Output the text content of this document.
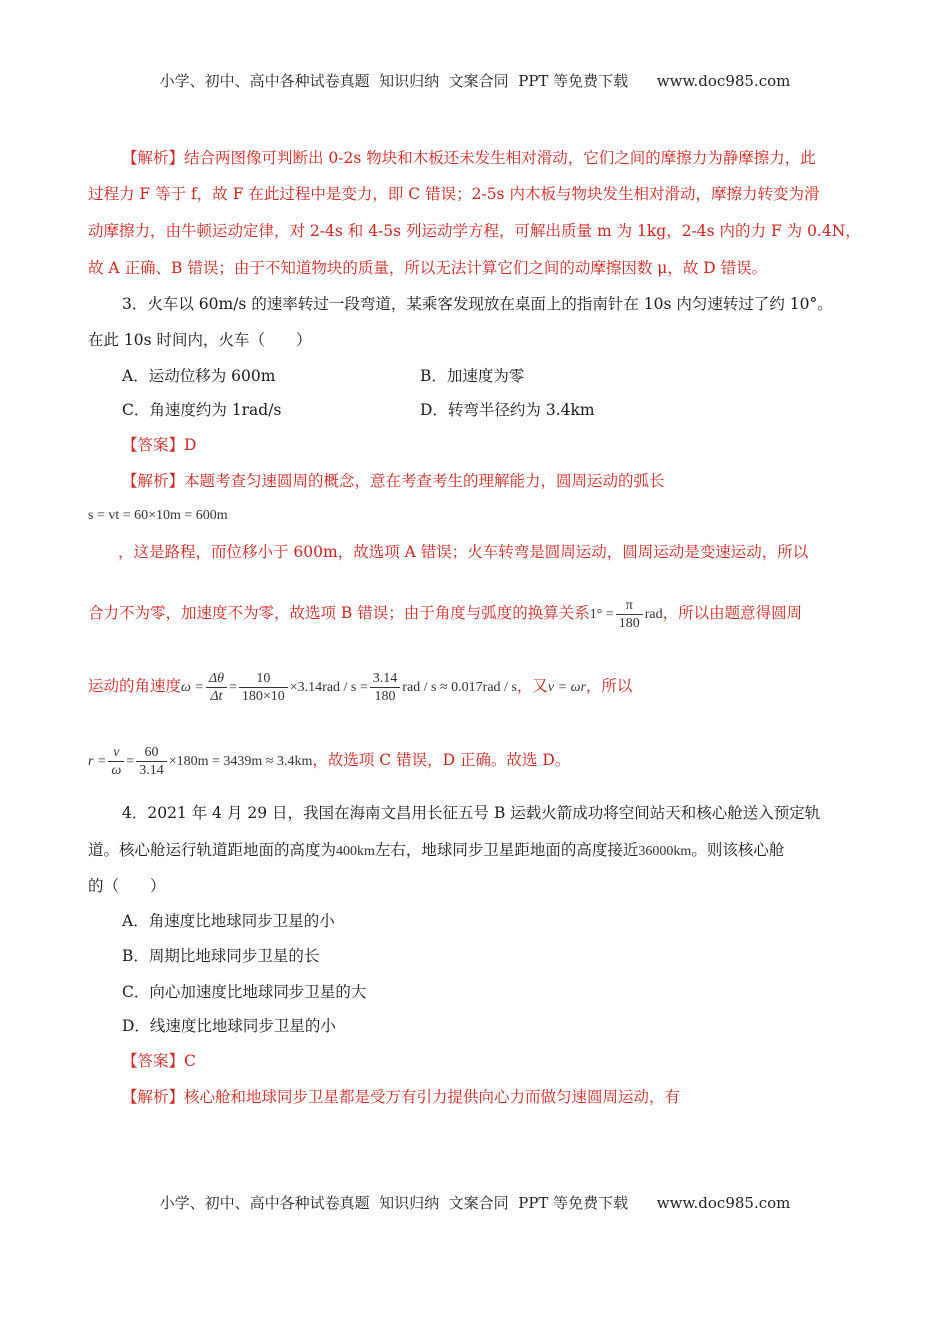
小学、初中、高中各种试卷真题  知识归纳  文案合同  PPT 等免费下载      www.doc985.com
【解析】结合两图像可判断出 0-2s 物块和木板还未发生相对滑动，它们之间的摩擦力为静摩擦力，此
过程力 F 等于 f，故 F 在此过程中是变力，即 C 错误；2-5s 内木板与物块发生相对滑动，摩擦力转变为滑
动摩擦力，由牛顿运动定律，对 2-4s 和 4-5s 列运动学方程，可解出质量 m 为 1kg，2-4s 内的力 F 为 0.4N，
故 A 正确、B 错误；由于不知道物块的质量，所以无法计算它们之间的动摩擦因数 μ，故 D 错误。
3．火车以 60m/s 的速率转过一段弯道，某乘客发现放在桌面上的指南针在 10s 内匀速转过了约 10°。
在此 10s 时间内，火车（　　）
A．运动位移为 600m	B．加速度为零
C．角速度约为 1rad/s	D．转弯半径约为 3.4km
【答案】D
【解析】本题考查匀速圆周的概念，意在考查考生的理解能力，圆周运动的弧长
s = vt = 60×10m = 600m
，这是路程，而位移小于 600m，故选项 A 错误；火车转弯是圆周运动，圆周运动是变速运动，所以
合力不为零，加速度不为零，故选项 B 错误；由于角度与弧度的换算关系$1^\circ = \frac{\pi}{180}$ rad，所以由题意得圆周
运动的角速度$\omega = \frac{\Delta\theta}{\Delta t} = \frac{10}{180\times 10} \times 3.14rad / s = \frac{3.14}{180}$ rad / s ≈ 0.017rad / s，又v = ωr，所以
$r = \frac{v}{\omega} = \frac{60}{3.14} \times 180m = 3439m \approx 3.4km$，故选项 C 错误，D 正确。故选 D。
4．2021 年 4 月 29 日，我国在海南文昌用长征五号 B 运载火箭成功将空间站天和核心舱送入预定轨
道。核心舱运行轨道距地面的高度为400km左右，地球同步卫星距地面的高度接近36000km。则该核心舱
的（　　）
A．角速度比地球同步卫星的小
B．周期比地球同步卫星的长
C．向心加速度比地球同步卫星的大
D．线速度比地球同步卫星的小
【答案】C
【解析】核心舱和地球同步卫星都是受万有引力提供向心力而做匀速圆周运动，有
小学、初中、高中各种试卷真题  知识归纳  文案合同  PPT 等免费下载      www.doc985.com
